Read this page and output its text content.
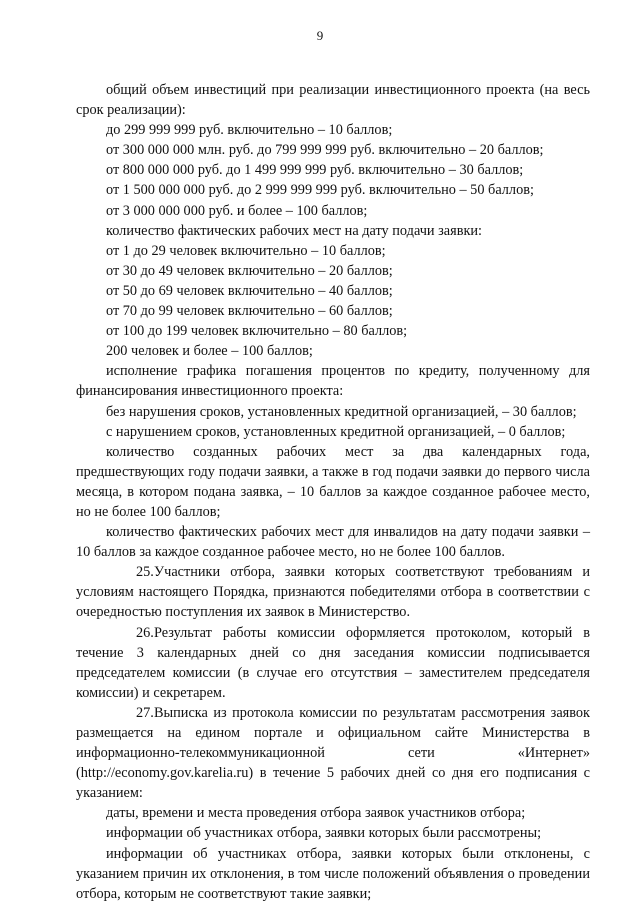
9

общий объем инвестиций при реализации инвестиционного проекта (на весь срок реализации):

до 299 999 999 руб. включительно – 10 баллов;

от 300 000 000 млн. руб. до 799 999 999 руб. включительно – 20 баллов;

от 800 000 000 руб. до 1 499 999 999 руб. включительно – 30 баллов;

от 1 500 000 000 руб. до 2 999 999 999 руб. включительно – 50 баллов;

от 3 000 000 000 руб. и более – 100 баллов;

количество фактических рабочих мест на дату подачи заявки:

от 1 до 29 человек включительно – 10 баллов;

от 30 до 49 человек включительно – 20 баллов;

от 50 до 69 человек включительно – 40 баллов;

от 70 до 99 человек включительно – 60 баллов;

от 100 до 199 человек включительно – 80 баллов;

200 человек и более – 100 баллов;

исполнение графика погашения процентов по кредиту, полученному для финансирования инвестиционного проекта:

без нарушения сроков, установленных кредитной организацией, – 30 баллов;

с нарушением сроков, установленных кредитной организацией, – 0 баллов;

количество созданных рабочих мест за два календарных года, предшествующих году подачи заявки, а также в год подачи заявки до первого числа месяца, в котором подана заявка, – 10 баллов за каждое созданное рабочее место, но не более 100 баллов;

количество фактических рабочих мест для инвалидов на дату подачи заявки – 10 баллов за каждое созданное рабочее место, но не более 100 баллов.

25.Участники отбора, заявки которых соответствуют требованиям и условиям настоящего Порядка, признаются победителями отбора в соответствии с очередностью поступления их заявок в Министерство.

26.Результат работы комиссии оформляется протоколом, который в течение 3 календарных дней со дня заседания комиссии подписывается председателем комиссии (в случае его отсутствия – заместителем председателя комиссии) и секретарем.

27.Выписка из протокола комиссии по результатам рассмотрения заявок размещается на едином портале и официальном сайте Министерства в информационно-телекоммуникационной сети «Интернет» (http://economy.gov.karelia.ru) в течение 5 рабочих дней со дня его подписания с указанием:

даты, времени и места проведения отбора заявок участников отбора;

информации об участниках отбора, заявки которых были рассмотрены;

информации об участниках отбора, заявки которых были отклонены, с указанием причин их отклонения, в том числе положений объявления о проведении отбора, которым не соответствуют такие заявки;
